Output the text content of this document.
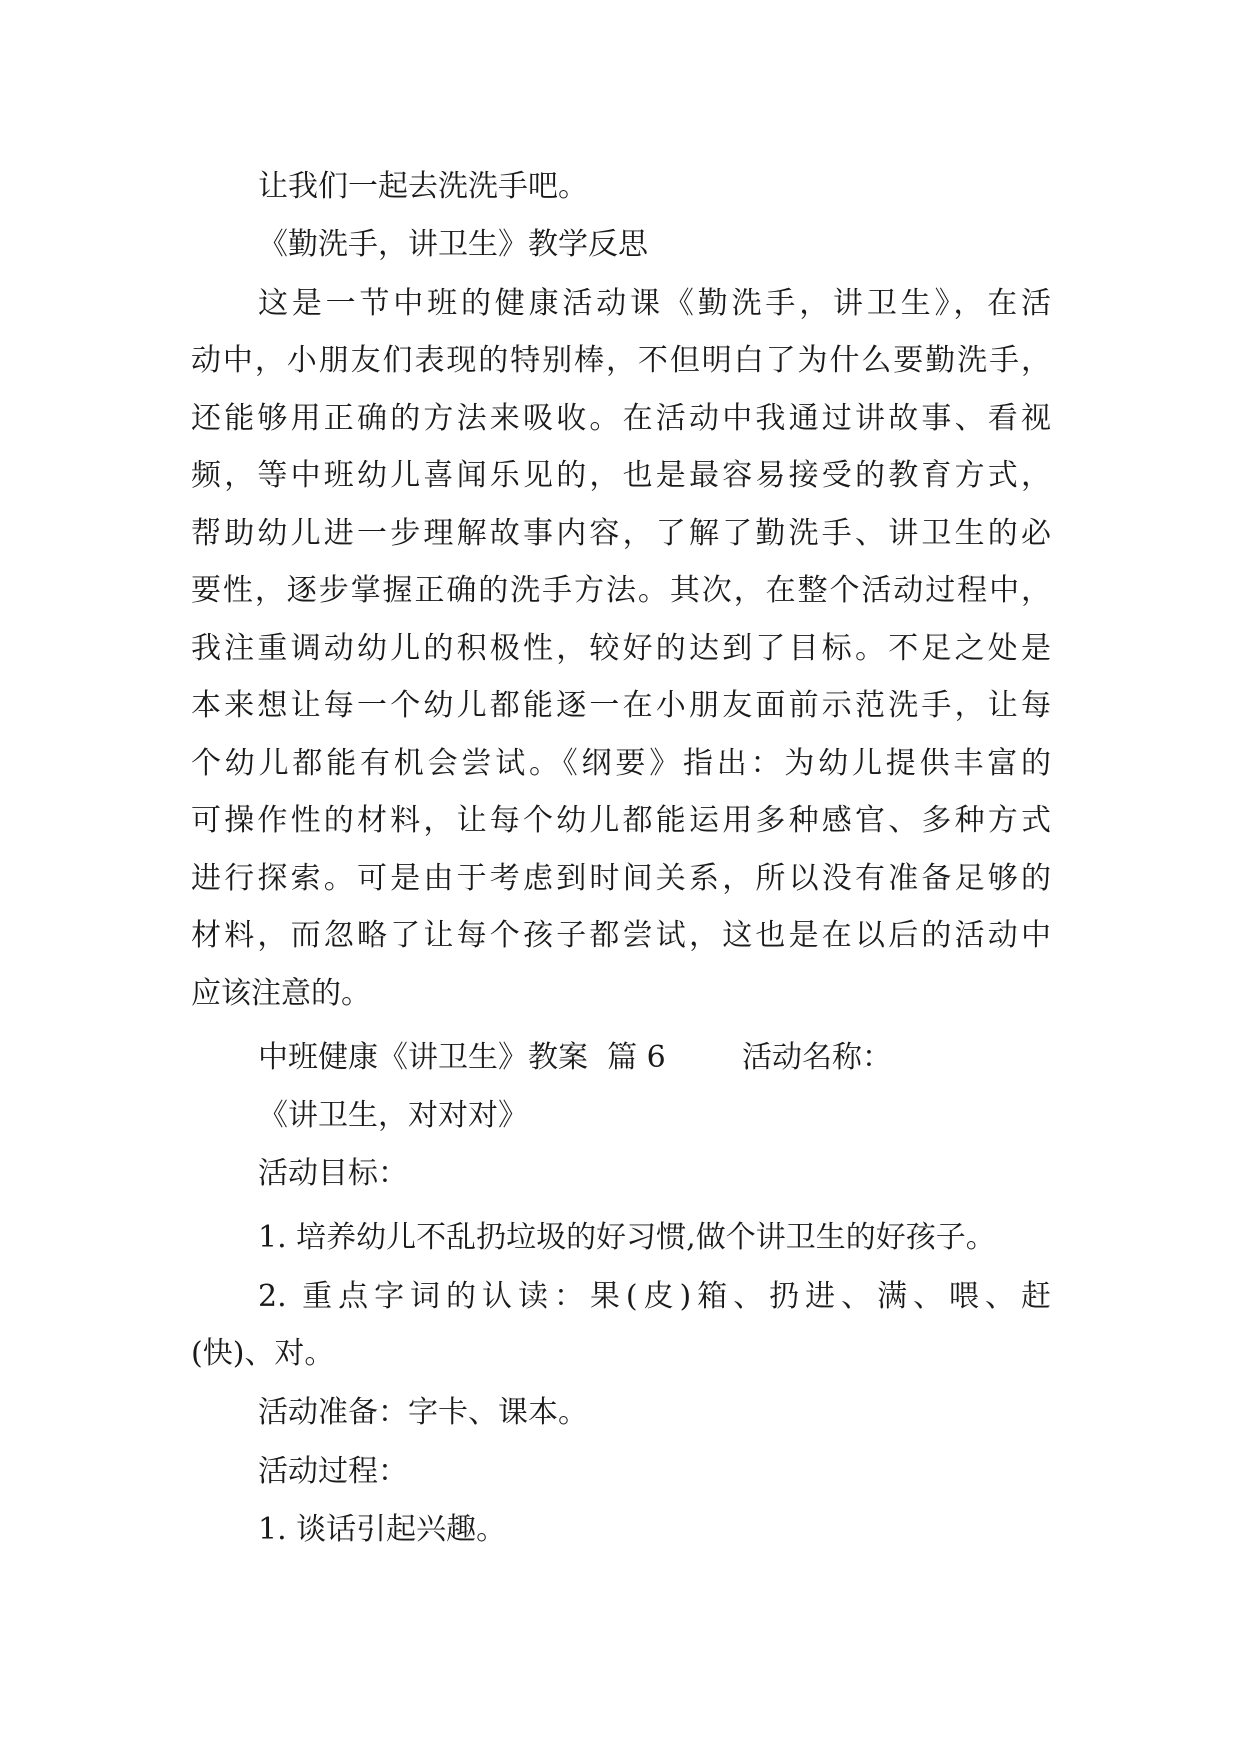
让我们一起去洗洗手吧。
《勤洗手，讲卫生》教学反思
这是一节中班的健康活动课《勤洗手，讲卫生》，在活
动中，小朋友们表现的特别棒，不但明白了为什么要勤洗手，
还能够用正确的方法来吸收。在活动中我通过讲故事、看视
频，等中班幼儿喜闻乐见的，也是最容易接受的教育方式，
帮助幼儿进一步理解故事内容，了解了勤洗手、讲卫生的必
要性，逐步掌握正确的洗手方法。其次，在整个活动过程中，
我注重调动幼儿的积极性，较好的达到了目标。不足之处是
本来想让每一个幼儿都能逐一在小朋友面前示范洗手，让每
个幼儿都能有机会尝试。《纲要》指出：为幼儿提供丰富的
可操作性的材料，让每个幼儿都能运用多种感官、多种方式
进行探索。可是由于考虑到时间关系，所以没有准备足够的
材料，而忽略了让每个孩子都尝试，这也是在以后的活动中
应该注意的。
中班健康《讲卫生》教案  篇 6        活动名称：
《讲卫生，对对对》
活动目标：
1. 培养幼儿不乱扔垃圾的好习惯,做个讲卫生的好孩子。
2. 重点字词的认读：果(皮)箱、扔进、满、喂、赶
(快)、对。
活动准备：字卡、课本。
活动过程：
1. 谈话引起兴趣。
